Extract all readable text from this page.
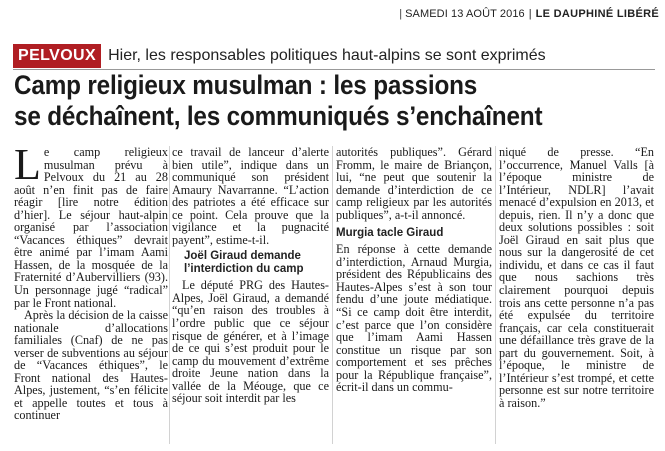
| SAMEDI 13 AOÛT 2016 | LE DAUPHINÉ LIBÉRÉ
PELVOUX Hier, les responsables politiques haut-alpins se sont exprimés
Camp religieux musulman : les passions
se déchaînent, les communiqués s’enchaînent

Le camp religieux musulman prévu à Pelvoux du 21 au 28 août n’en finit pas de faire réagir [lire notre édition d’hier]. Le séjour haut-alpin organisé par l’association “Vacances éthiques” devrait être animé par l’imam Aami Hassen, de la mosquée de la Fraternité d’Aubervilliers (93). Un personnage jugé “radical” par le Front national.

Après la décision de la caisse nationale d’allocations familiales (Cnaf) de ne pas verser de subventions au séjour de “Vacances éthiques”, le Front national des Hautes-Alpes, justement, “s’en félicite et appelle toutes et tous à continuer

ce travail de lanceur d’alerte bien utile”, indique dans un communiqué son président Amaury Navarranne. “L’action des patriotes a été efficace sur ce point. Cela prouve que la vigilance et la pugnacité payent”, estime-t-il.

Joël Giraud demande l’interdiction du camp

Le député PRG des Hautes-Alpes, Joël Giraud, a demandé “qu’en raison des troubles à l’ordre public que ce séjour risque de générer, et à l’image de ce qui s’est produit pour le camp du mouvement d’extrême droite Jeune nation dans la vallée de la Méouge, que ce séjour soit interdit par les

autorités publiques”. Gérard Fromm, le maire de Briançon, lui, “ne peut que soutenir la demande d’interdiction de ce camp religieux par les autorités publiques”, a-t-il annoncé.

Murgia tacle Giraud

En réponse à cette demande d’interdiction, Arnaud Murgia, président des Républicains des Hautes-Alpes s’est à son tour fendu d’une joute médiatique. “Si ce camp doit être interdit, c’est parce que l’on considère que l’imam Aami Hassen constitue un risque par son comportement et ses prêches pour la République française”, écrit-il dans un commu-

niqué de presse. “En l’occurrence, Manuel Valls [à l’époque ministre de l’Intérieur, NDLR] l’avait menacé d’expulsion en 2013, et depuis, rien. Il n’y a donc que deux solutions possibles : soit Joël Giraud en sait plus que nous sur la dangerosité de cet individu, et dans ce cas il faut que nous sachions très clairement pourquoi depuis trois ans cette personne n’a pas été expulsée du territoire français, car cela constituerait une défaillance très grave de la part du gouvernement. Soit, à l’époque, le ministre de l’Intérieur s’est trompé, et cette personne est sur notre territoire à raison.”
